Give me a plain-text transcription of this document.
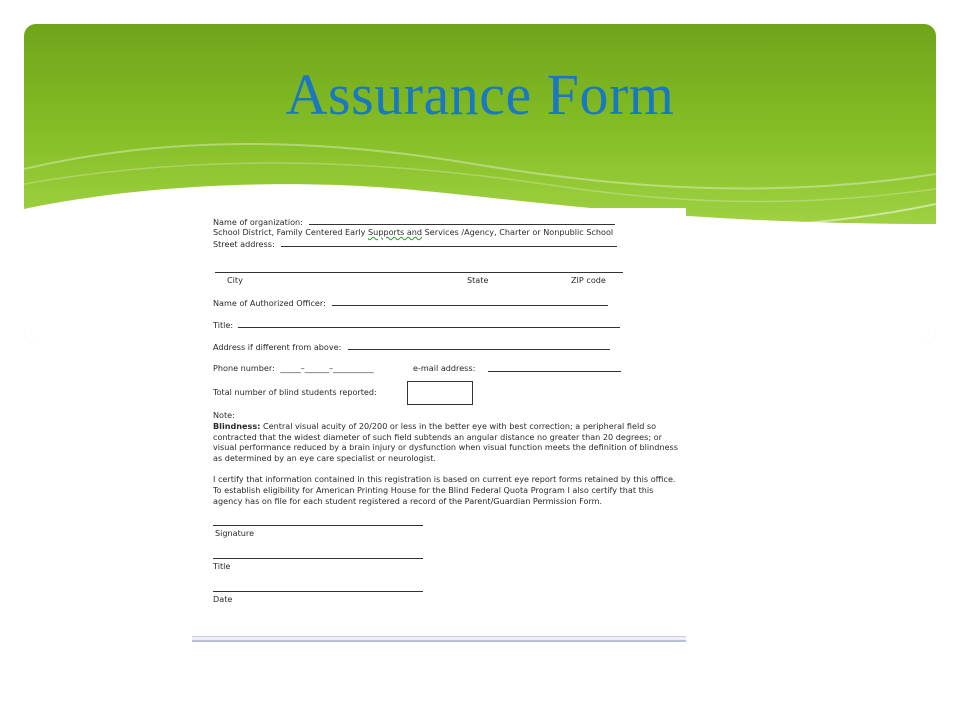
Assurance Form
Name of organization:
School District, Family Centered Early Supports and Services /Agency, Charter or Nonpublic School
Street address:
City	State	ZIP code
Name of Authorized Officer:
Title:
Address if different from above:
Phone number: _____–______–__________	e-mail address:
Total number of blind students reported:
Note:
Blindness: Central visual acuity of 20/200 or less in the better eye with best correction; a peripheral field so contracted that the widest diameter of such field subtends an angular distance no greater than 20 degrees; or visual performance reduced by a brain injury or dysfunction when visual function meets the definition of blindness as determined by an eye care specialist or neurologist.
I certify that information contained in this registration is based on current eye report forms retained by this office. To establish eligibility for American Printing House for the Blind Federal Quota Program I also certify that this agency has on file for each student registered a record of the Parent/Guardian Permission Form.
Signature
Title
Date
